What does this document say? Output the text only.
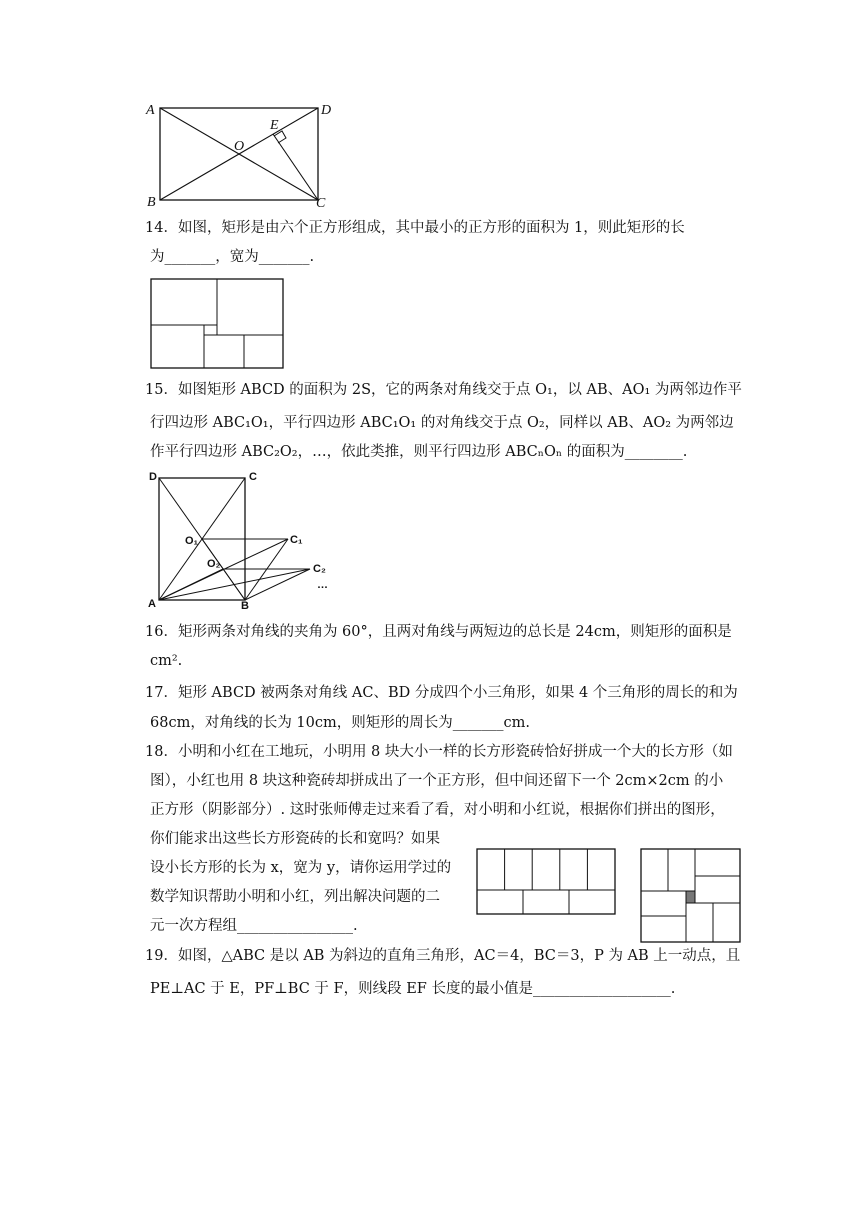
A	D
O
E
B	C
14．如图，矩形是由六个正方形组成，其中最小的正方形的面积为 1，则此矩形的长
为_______，宽为_______.
15．如图矩形 ABCD 的面积为 2S，它的两条对角线交于点 O₁，以 AB、AO₁ 为两邻边作平
行四边形 ABC₁O₁，平行四边形 ABC₁O₁ 的对角线交于点 O₂，同样以 AB、AO₂ 为两邻边
作平行四边形 ABC₂O₂，…，依此类推，则平行四边形 ABCₙOₙ 的面积为________.
D	C
O₁	C₁
O₂	C₂
…
A	B
16．矩形两条对角线的夹角为 60°，且两对角线与两短边的总长是 24cm，则矩形的面积是
cm².
17．矩形 ABCD 被两条对角线 AC、BD 分成四个小三角形，如果 4 个三角形的周长的和为
68cm，对角线的长为 10cm，则矩形的周长为_______cm.
18．小明和小红在工地玩，小明用 8 块大小一样的长方形瓷砖恰好拼成一个大的长方形（如
图），小红也用 8 块这种瓷砖却拼成出了一个正方形，但中间还留下一个 2cm×2cm 的小
正方形（阴影部分）. 这时张师傅走过来看了看，对小明和小红说，根据你们拼出的图形，
你们能求出这些长方形瓷砖的长和宽吗？如果
设小长方形的长为 x，宽为 y，请你运用学过的
数学知识帮助小明和小红，列出解决问题的二
元一次方程组________________.
19．如图，△ABC 是以 AB 为斜边的直角三角形，AC＝4，BC＝3，P 为 AB 上一动点，且
PE⊥AC 于 E，PF⊥BC 于 F，则线段 EF 长度的最小值是___________________.
